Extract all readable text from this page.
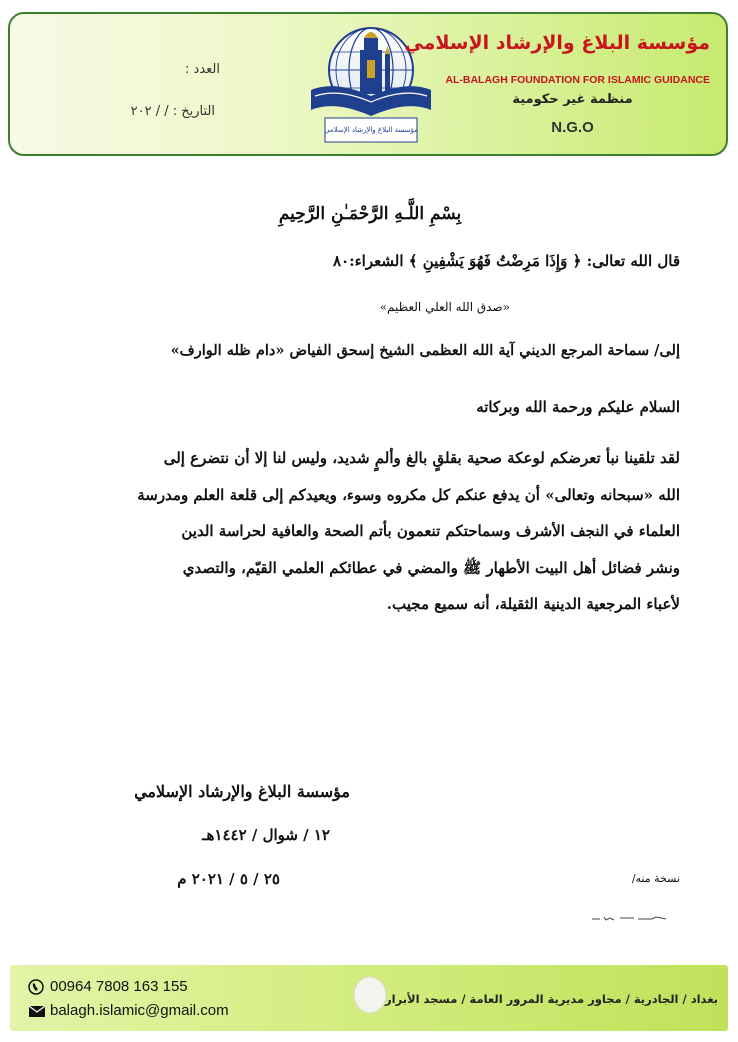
العدد :
التاريخ : / / ٢٠٢
مؤسسة البلاغ والإرشاد الإسلامي
مؤسسة البلاغ والإرشاد الإسلامي
AL-BALAGH FOUNDATION FOR ISLAMIC GUIDANCE
منظمة غير حكومية
N.G.O
بِسْمِ اللَّـهِ الرَّحْمَـٰنِ الرَّحِيمِ
قال الله تعالى: ﴿ وَإِذَا مَرِضْتُ فَهُوَ يَشْفِينِ ﴾ الشعراء:٨٠
«صدق الله العلي العظيم»
إلى/ سماحة المرجع الديني آية الله العظمى الشيخ إسحق الفياض «دام ظله الوارف»
السلام عليكم ورحمة الله وبركاته
لقد تلقينا نبأ تعرضكم لوعكة صحية بقلقٍ بالغ وألمٍ شديد، وليس لنا إلا أن نتضرع إلى
الله «سبحانه وتعالى» أن يدفع عنكم كل مكروه وسوء، ويعيدكم إلى قلعة العلم ومدرسة
العلماء في النجف الأشرف وسماحتكم تنعمون بأتم الصحة والعافية لحراسة الدين
ونشر فضائل أهل البيت الأطهار ﷺ والمضي في عطائكم العلمي القيّم، والتصدي
لأعباء المرجعية الدينية الثقيلة، أنه سميع مجيب.
مؤسسة البلاغ والإرشاد الإسلامي
١٢ / شوال / ١٤٤٢هـ
٢٥ / ٥ / ٢٠٢١ م	نسخة منه/
00964 7808 163 155
balagh.islamic@gmail.com
بغداد / الجادرية / مجاور مديرية المرور العامة / مسجد الأبرار
